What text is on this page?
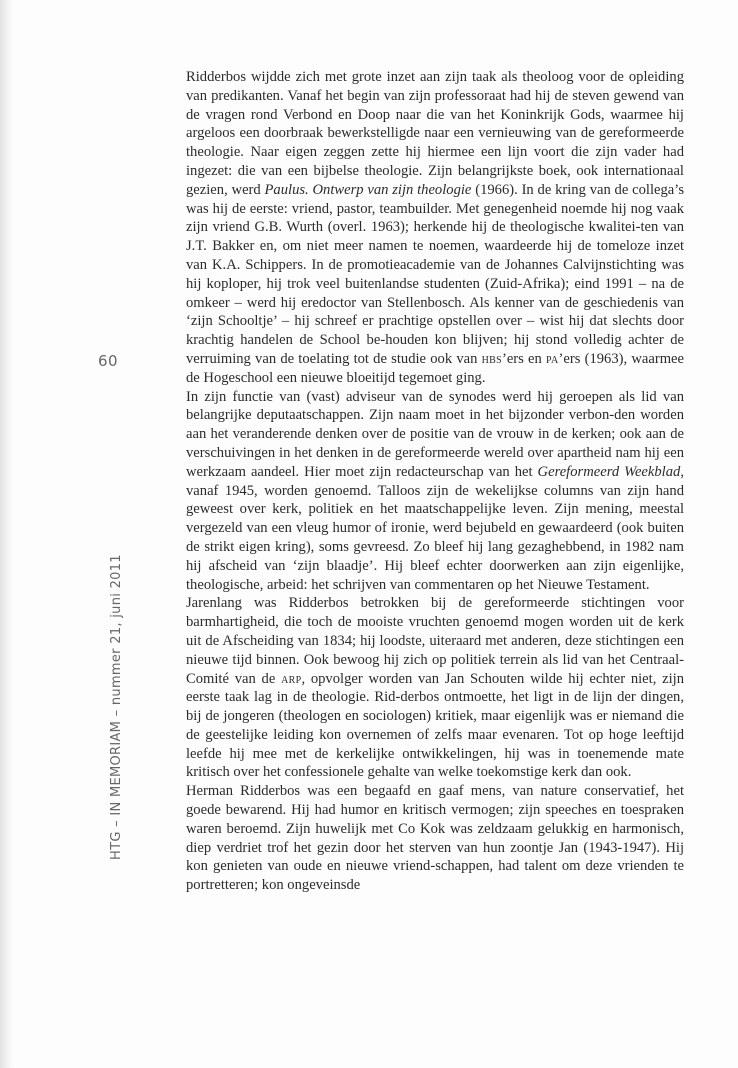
60
HTG – IN MEMORIAM – nummer 21, juni 2011

Ridderbos wijdde zich met grote inzet aan zijn taak als theoloog voor de opleiding van predikanten. Vanaf het begin van zijn professoraat had hij de steven gewend van de vragen rond Verbond en Doop naar die van het Koninkrijk Gods, waarmee hij argeloos een doorbraak bewerkstelligde naar een vernieuwing van de gereformeerde theologie. Naar eigen zeggen zette hij hiermee een lijn voort die zijn vader had ingezet: die van een bijbelse theologie. Zijn belangrijkste boek, ook internationaal gezien, werd Paulus. Ontwerp van zijn theologie (1966). In de kring van de collega’s was hij de eerste: vriend, pastor, teambuilder. Met genegenheid noemde hij nog vaak zijn vriend G.B. Wurth (overl. 1963); herkende hij de theologische kwalitei-ten van J.T. Bakker en, om niet meer namen te noemen, waardeerde hij de tomeloze inzet van K.A. Schippers. In de promotieacademie van de Johannes Calvijnstichting was hij koploper, hij trok veel buitenlandse studenten (Zuid-Afrika); eind 1991 – na de omkeer – werd hij eredoctor van Stellenbosch. Als kenner van de geschiedenis van ‘zijn Schooltje’ – hij schreef er prachtige opstellen over – wist hij dat slechts door krachtig handelen de School be-houden kon blijven; hij stond volledig achter de verruiming van de toelating tot de studie ook van hbs’ers en pa’ers (1963), waarmee de Hogeschool een nieuwe bloeitijd tegemoet ging.

In zijn functie van (vast) adviseur van de synodes werd hij geroepen als lid van belangrijke deputaatschappen. Zijn naam moet in het bijzonder verbon-den worden aan het veranderende denken over de positie van de vrouw in de kerken; ook aan de verschuivingen in het denken in de gereformeerde wereld over apartheid nam hij een werkzaam aandeel. Hier moet zijn redacteurschap van het Gereformeerd Weekblad, vanaf 1945, worden genoemd. Talloos zijn de wekelijkse columns van zijn hand geweest over kerk, politiek en het maatschappelijke leven. Zijn mening, meestal vergezeld van een vleug humor of ironie, werd bejubeld en gewaardeerd (ook buiten de strikt eigen kring), soms gevreesd. Zo bleef hij lang gezaghebbend, in 1982 nam hij afscheid van ‘zijn blaadje’. Hij bleef echter doorwerken aan zijn eigenlijke, theologische, arbeid: het schrijven van commentaren op het Nieuwe Testament.

Jarenlang was Ridderbos betrokken bij de gereformeerde stichtingen voor barmhartigheid, die toch de mooiste vruchten genoemd mogen worden uit de kerk uit de Afscheiding van 1834; hij loodste, uiteraard met anderen, deze stichtingen een nieuwe tijd binnen. Ook bewoog hij zich op politiek terrein als lid van het Centraal-Comité van de arp, opvolger worden van Jan Schouten wilde hij echter niet, zijn eerste taak lag in de theologie. Rid-derbos ontmoette, het ligt in de lijn der dingen, bij de jongeren (theologen en sociologen) kritiek, maar eigenlijk was er niemand die de geestelijke leiding kon overnemen of zelfs maar evenaren. Tot op hoge leeftijd leefde hij mee met de kerkelijke ontwikkelingen, hij was in toenemende mate kritisch over het confessionele gehalte van welke toekomstige kerk dan ook.

Herman Ridderbos was een begaafd en gaaf mens, van nature conservatief, het goede bewarend. Hij had humor en kritisch vermogen; zijn speeches en toespraken waren beroemd. Zijn huwelijk met Co Kok was zeldzaam gelukkig en harmonisch, diep verdriet trof het gezin door het sterven van hun zoontje Jan (1943-1947). Hij kon genieten van oude en nieuwe vriend-schappen, had talent om deze vrienden te portretteren; kon ongeveinsde
